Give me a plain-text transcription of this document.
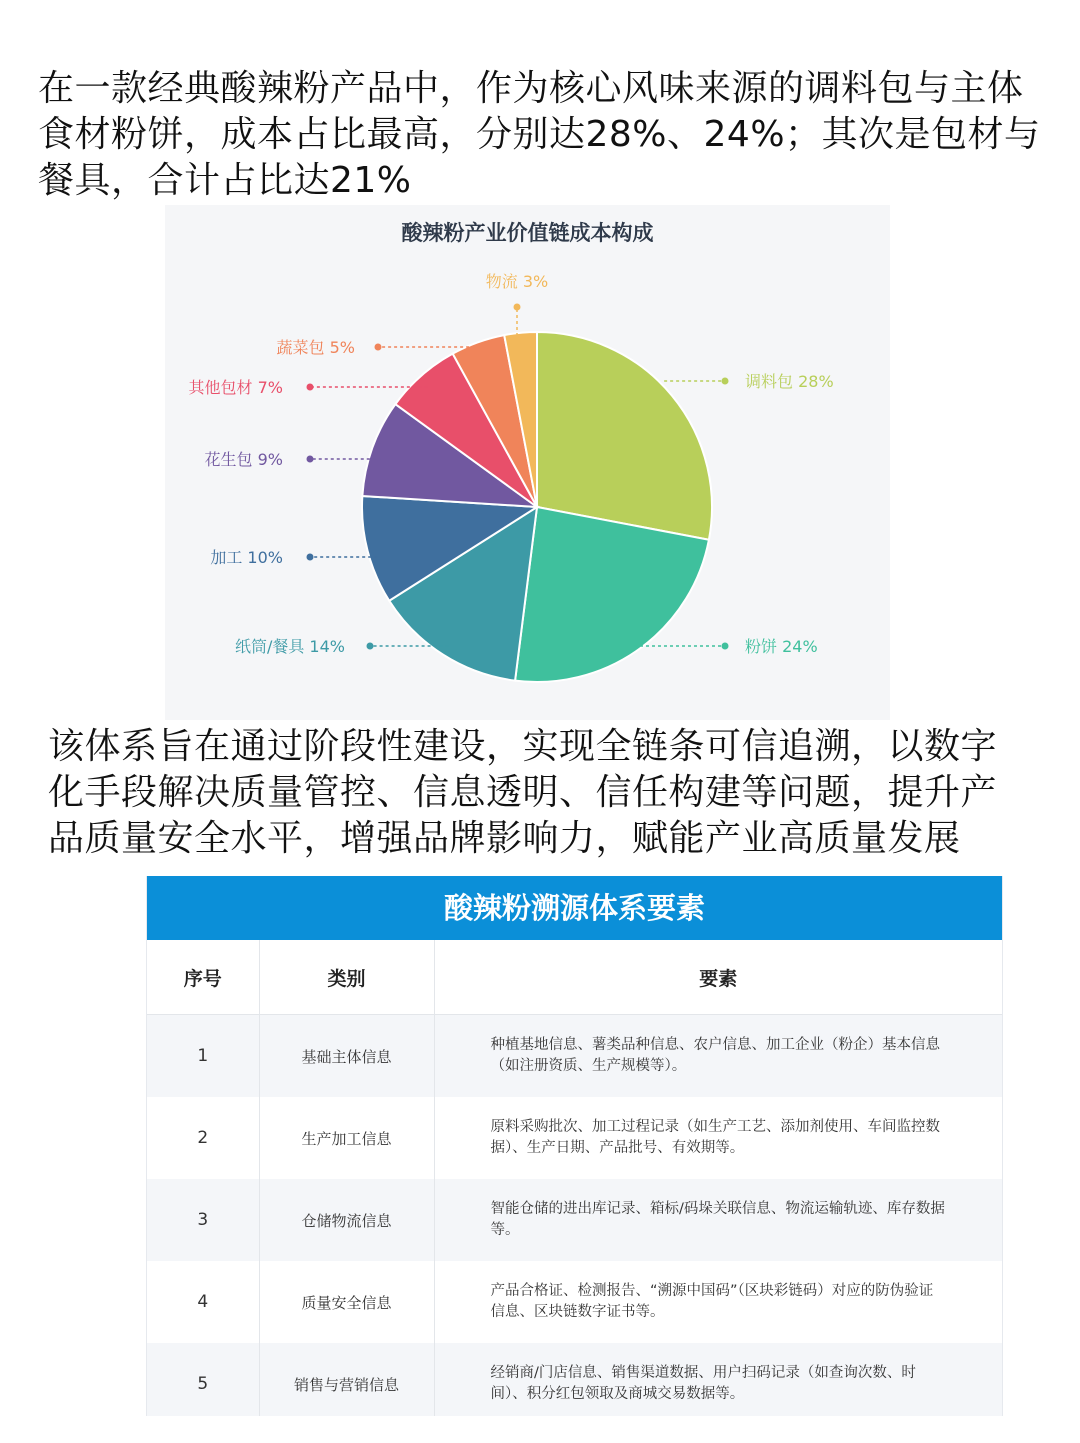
在一款经典酸辣粉产品中，作为核心风味来源的调料包与主体食材粉饼，成本占比最高，分别达28%、24%；其次是包材与餐具，合计占比达21%

酸辣粉产业价值链成本构成
调料包 28%
粉饼 24%
纸筒/餐具 14%
加工 10%
花生包 9%
其他包材 7%
蔬菜包 5%
物流 3%

该体系旨在通过阶段性建设，实现全链条可信追溯，以数字化手段解决质量管控、信息透明、信任构建等问题，提升产品质量安全水平，增强品牌影响力，赋能产业高质量发展

酸辣粉溯源体系要素
序号	类别	要素
1	基础主体信息	种植基地信息、薯类品种信息、农户信息、加工企业（粉企）基本信息（如注册资质、生产规模等）。
2	生产加工信息	原料采购批次、加工过程记录（如生产工艺、添加剂使用、车间监控数据）、生产日期、产品批号、有效期等。
3	仓储物流信息	智能仓储的进出库记录、箱标/码垛关联信息、物流运输轨迹、库存数据等。
4	质量安全信息	产品合格证、检测报告、“溯源中国码”（区块彩链码）对应的防伪验证信息、区块链数字证书等。
5	销售与营销信息	经销商/门店信息、销售渠道数据、用户扫码记录（如查询次数、时间）、积分红包领取及商城交易数据等。
